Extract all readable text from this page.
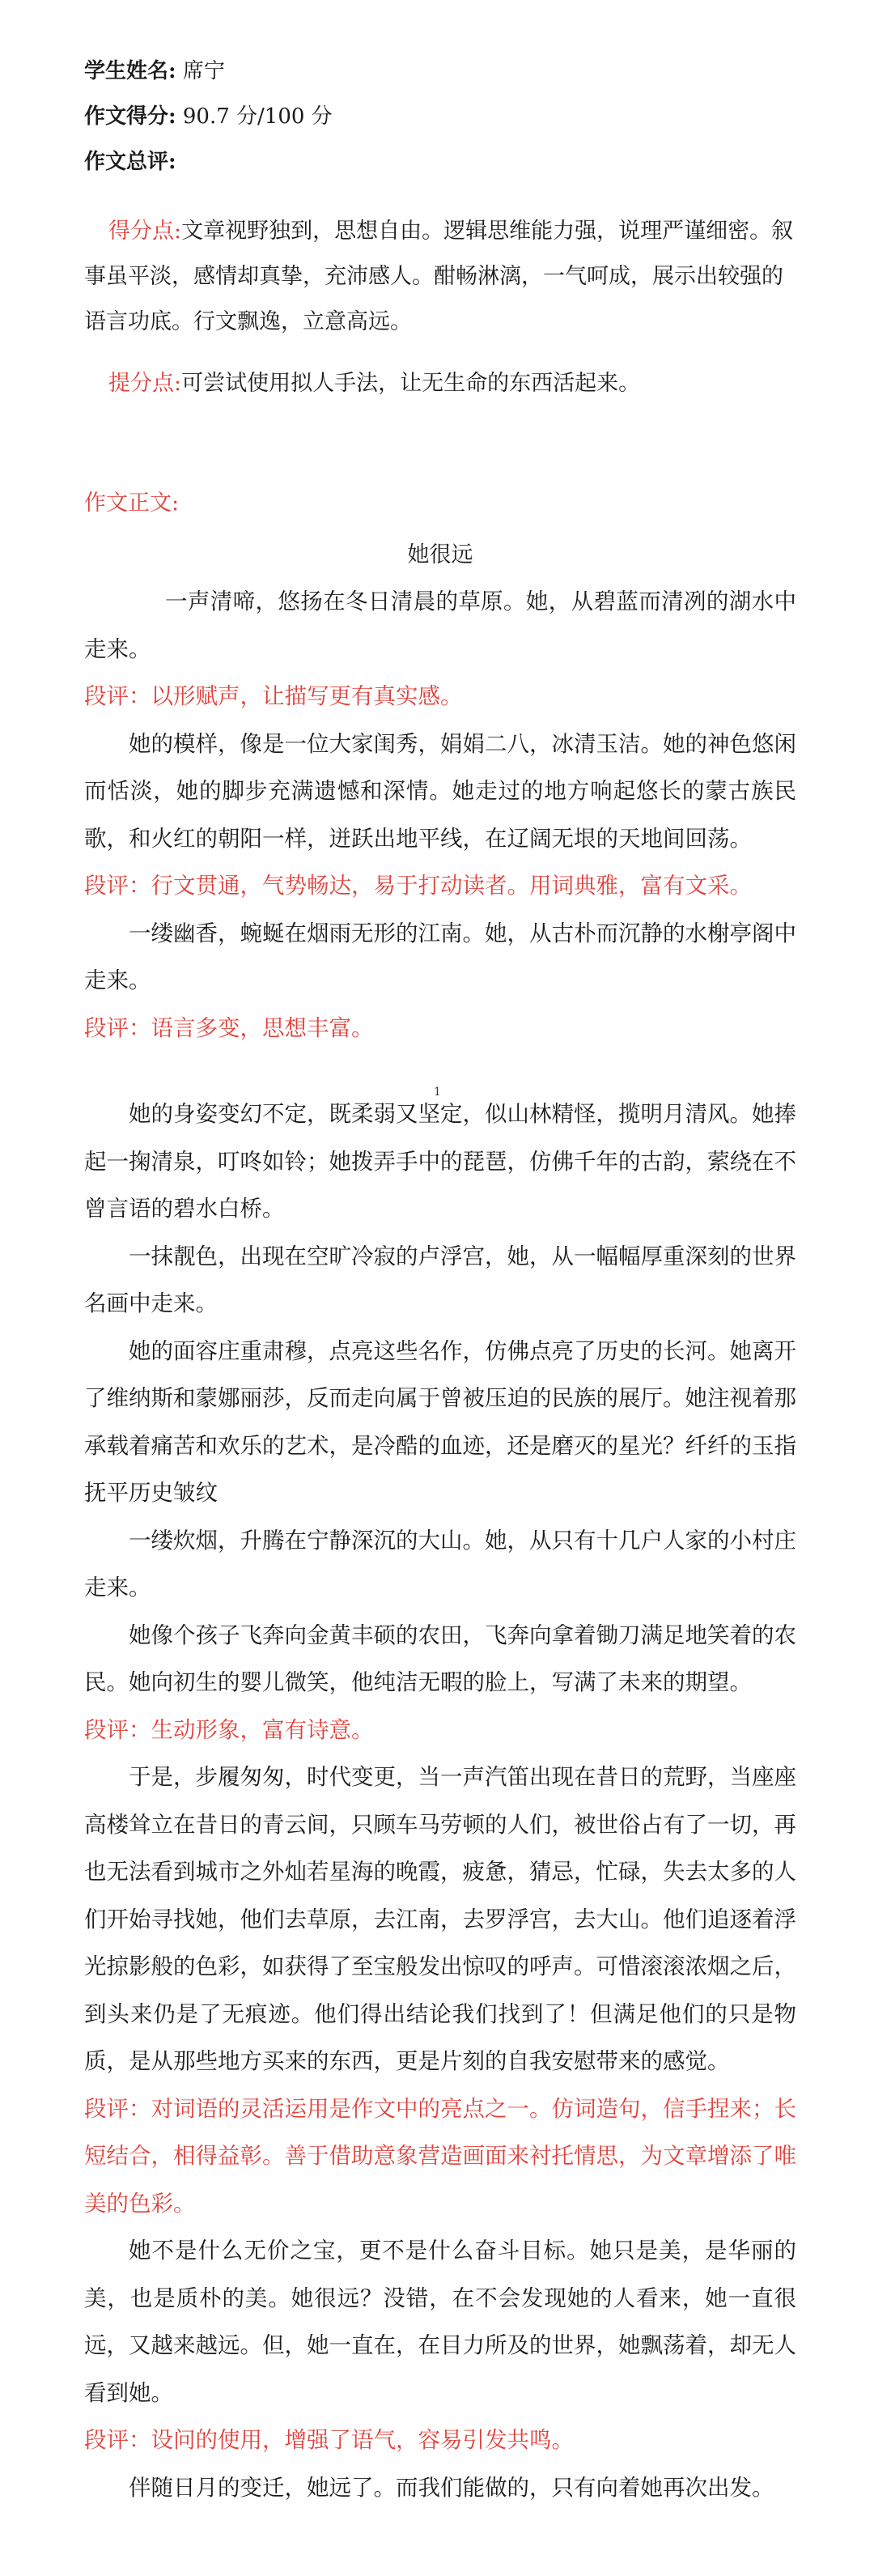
学生姓名: 席宁
作文得分: 90.7 分/100 分
作文总评:
得分点:文章视野独到，思想自由。逻辑思维能力强，说理严谨细密。叙事虽平淡，感情却真挚，充沛感人。酣畅淋漓，一气呵成，展示出较强的语言功底。行文飘逸，立意高远。
提分点:可尝试使用拟人手法，让无生命的东西活起来。
作文正文:
她很远
一声清啼，悠扬在冬日清晨的草原。她，从碧蓝而清冽的湖水中走来。
段评：以形赋声，让描写更有真实感。
她的模样，像是一位大家闺秀，娟娟二八，冰清玉洁。她的神色悠闲而恬淡，她的脚步充满遗憾和深情。她走过的地方响起悠长的蒙古族民歌，和火红的朝阳一样，迸跃出地平线，在辽阔无垠的天地间回荡。
段评：行文贯通，气势畅达，易于打动读者。用词典雅，富有文采。
一缕幽香，蜿蜒在烟雨无形的江南。她，从古朴而沉静的水榭亭阁中走来。
段评：语言多变，思想丰富。
她的身姿变幻不定，既柔弱又坚定，似山林精怪，揽明月清风。她捧起一掬清泉，叮咚如铃；她拨弄手中的琵琶，仿佛千年的古韵，萦绕在不曾言语的碧水白桥。
一抹靓色，出现在空旷冷寂的卢浮宫，她，从一幅幅厚重深刻的世界名画中走来。
她的面容庄重肃穆，点亮这些名作，仿佛点亮了历史的长河。她离开了维纳斯和蒙娜丽莎，反而走向属于曾被压迫的民族的展厅。她注视着那承载着痛苦和欢乐的艺术，是冷酷的血迹，还是磨灭的星光？纤纤的玉指抚平历史皱纹
一缕炊烟，升腾在宁静深沉的大山。她，从只有十几户人家的小村庄走来。
她像个孩子飞奔向金黄丰硕的农田，飞奔向拿着锄刀满足地笑着的农民。她向初生的婴儿微笑，他纯洁无暇的脸上，写满了未来的期望。
段评：生动形象，富有诗意。
于是，步履匆匆，时代变更，当一声汽笛出现在昔日的荒野，当座座高楼耸立在昔日的青云间，只顾车马劳顿的人们，被世俗占有了一切，再也无法看到城市之外灿若星海的晚霞，疲惫，猜忌，忙碌，失去太多的人们开始寻找她，他们去草原，去江南，去罗浮宫，去大山。他们追逐着浮光掠影般的色彩，如获得了至宝般发出惊叹的呼声。可惜滚滚浓烟之后，到头来仍是了无痕迹。他们得出结论我们找到了！但满足他们的只是物质，是从那些地方买来的东西，更是片刻的自我安慰带来的感觉。
段评：对词语的灵活运用是作文中的亮点之一。仿词造句，信手捏来；长短结合，相得益彰。善于借助意象营造画面来衬托情思，为文章增添了唯美的色彩。
她不是什么无价之宝，更不是什么奋斗目标。她只是美，是华丽的美，也是质朴的美。她很远？没错，在不会发现她的人看来，她一直很远，又越来越远。但，她一直在，在目力所及的世界，她飘荡着，却无人看到她。
段评：设问的使用，增强了语气，容易引发共鸣。
伴随日月的变迁，她远了。而我们能做的，只有向着她再次出发。
1
